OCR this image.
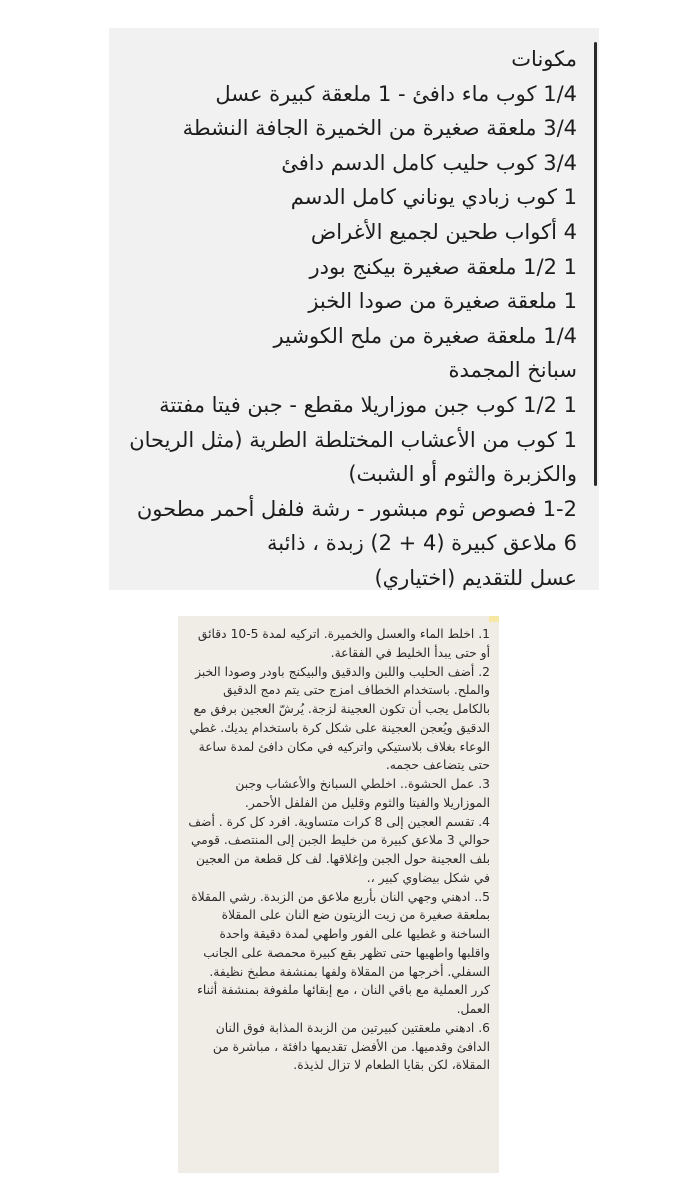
مكونات
1/4 كوب ماء دافئ - 1 ملعقة كبيرة عسل
3/4 ملعقة صغيرة من الخميرة الجافة النشطة
3/4 كوب حليب كامل الدسم دافئ
1 كوب زبادي يوناني كامل الدسم
4 أكواب طحين لجميع الأغراض
1 1/2 ملعقة صغيرة بيكنج بودر
1 ملعقة صغيرة من صودا الخبز
1/4 ملعقة صغيرة من ملح الكوشير
سبانخ المجمدة
1 1/2 كوب جبن موزاريلا مقطع - جبن فيتا مفتتة
1 كوب من الأعشاب المختلطة الطرية (مثل الريحان
والكزبرة والثوم أو الشبت)
1-2 فصوص ثوم مبشور - رشة فلفل أحمر مطحون
6 ملاعق كبيرة (4 + 2) زبدة ، ذائبة
عسل للتقديم (اختياري)

1. اخلط الماء والعسل والخميرة. اتركيه لمدة 5-10 دقائق أو حتى يبدأ الخليط في الفقاعة.

2. أضف الحليب واللبن والدقيق والبيكنج باودر وصودا الخبز والملح. باستخدام الخطاف امزج حتى يتم دمج الدقيق بالكامل يجب أن تكون العجينة لزجة. يُرشّ العجين برفق مع الدقيق ويُعجن العجينة على شكل كرة باستخدام يديك. غطي الوعاء بغلاف بلاستيكي واتركيه في مكان دافئ لمدة ساعة حتى يتضاعف حجمه.

3. عمل الحشوة.. اخلطي السبانخ والأعشاب وجبن الموزاريلا والفيتا والثوم وقليل من الفلفل الأحمر.

4. تقسم العجين إلى 8 كرات متساوية. افرد كل كرة . أضف حوالي 3 ملاعق كبيرة من خليط الجبن إلى المنتصف. قومي بلف العجينة حول الجبن وإغلاقها. لف كل قطعة من العجين في شكل بيضاوي كبير ،.

5.. ادهني وجهي النان بأربع ملاعق من الزبدة. رشي المقلاة بملعقة صغيرة من زيت الزيتون ضع النان على المقلاة الساخنة و غطيها على الفور واطهي لمدة دقيقة واحدة واقلبها واطهيها حتى تظهر بقع كبيرة محمصة على الجانب السفلي. أخرجها من المقلاة ولفها بمنشفة مطبخ نظيفة. كرر العملية مع باقي النان ، مع إبقائها ملفوفة بمنشفة أثناء العمل.

6. ادهني ملعقتين كبيرتين من الزبدة المذابة فوق النان الدافئ وقدميها. من الأفضل تقديمها دافئة ، مباشرة من المقلاة، لكن بقايا الطعام لا تزال لذيذة.
